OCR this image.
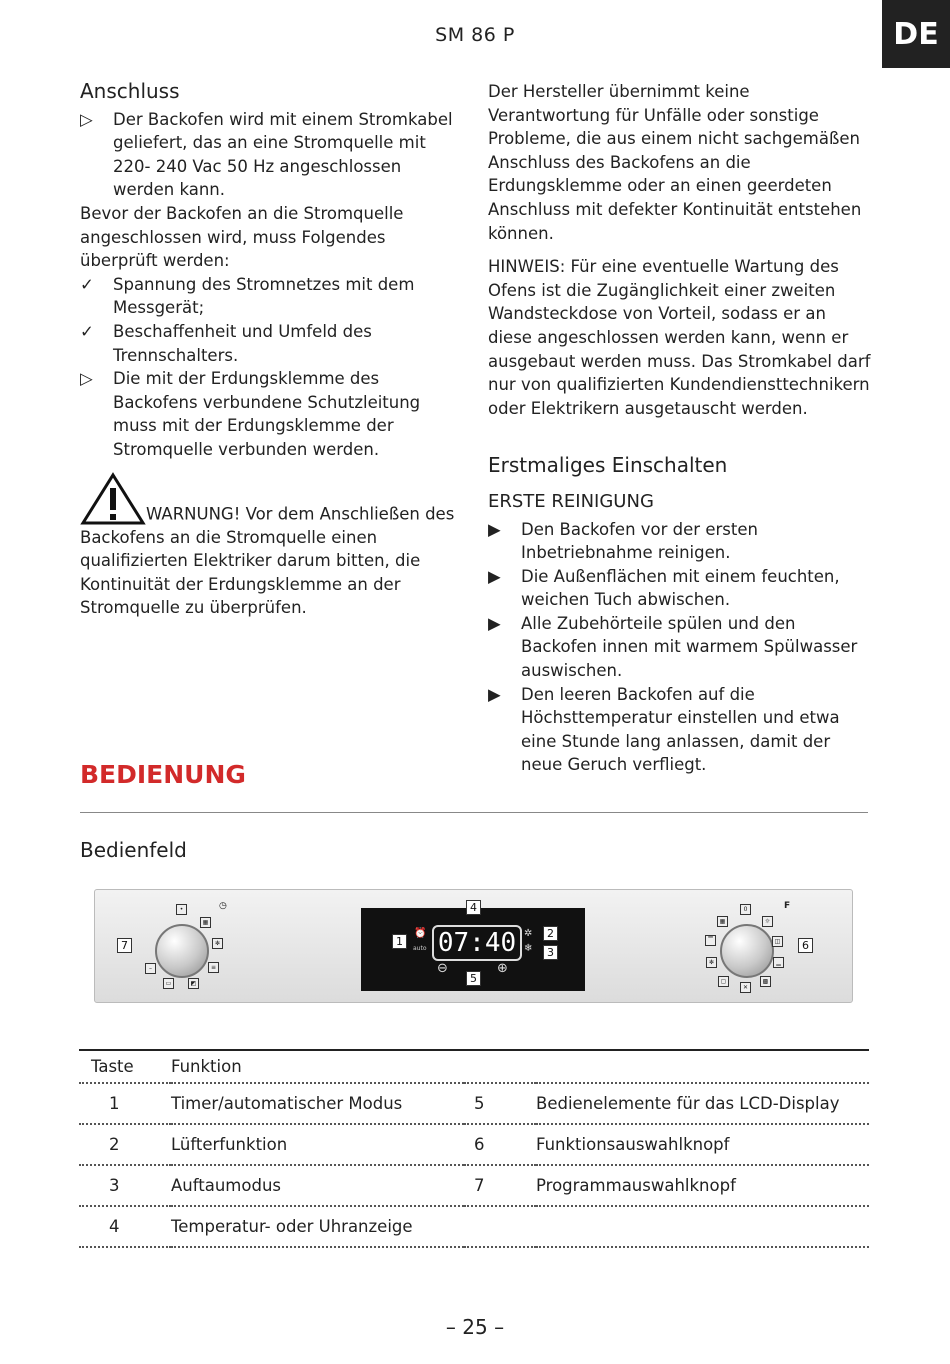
SM 86 P	DE
Anschluss
▷	Der Backofen wird mit einem Stromkabel geliefert, das an eine Stromquelle mit 220- 240 Vac 50 Hz angeschlossen werden kann.
Bevor der Backofen an die Stromquelle angeschlossen wird, muss Folgendes überprüft werden:
✓	Spannung des Stromnetzes mit dem Messgerät;
✓	Beschaffenheit und Umfeld des Trennschalters.
▷	Die mit der Erdungsklemme des Backofens verbundene Schutzleitung muss mit der Erdungsklemme der Stromquelle verbunden werden.
WARNUNG! Vor dem Anschließen des Backofens an die Stromquelle einen qualifizierten Elektriker darum bitten, die Kontinuität der Erdungsklemme an der Stromquelle zu überprüfen.
Der Hersteller übernimmt keine Verantwortung für Unfälle oder sonstige Probleme, die aus einem nicht sachgemäßen Anschluss des Backofens an die Erdungsklemme oder an einen geerdeten Anschluss mit defekter Kontinuität entstehen können.
HINWEIS: Für eine eventuelle Wartung des Ofens ist die Zugänglichkeit einer zweiten Wandsteckdose von Vorteil, sodass er an diese angeschlossen werden kann, wenn er ausgebaut werden muss. Das Stromkabel darf nur von qualifizierten Kundendiensttechnikern oder Elektrikern ausgetauscht werden.
Erstmaliges Einschalten
ERSTE REINIGUNG
▶	Den Backofen vor der ersten Inbetriebnahme reinigen.
▶	Die Außenflächen mit einem feuchten, weichen Tuch abwischen.
▶	Alle Zubehörteile spülen und den Backofen innen mit warmem Spülwasser auswischen.
▶	Den leeren Backofen auf die Höchsttemperatur einstellen und etwa eine Stunde lang anlassen, damit der neue Geruch verfliegt.
BEDIENUNG
Bedienfeld
7
•
▦
✻
≡
◩
▭
–
◷	4
1
⏰
auto 07:40 ✲
❄
2
3
⊖
5
⊕
0	F
☼
▦
▔	◫
✻	▁
▢
✕
▩
6
Taste	Funktion		
1	Timer/automatischer Modus	5	Bedienelemente für das LCD-Display
2	Lüfterfunktion	6	Funktionsauswahlknopf
3	Auftaumodus	7	Programmauswahlknopf
4	Temperatur- oder Uhranzeige		
– 25 –
